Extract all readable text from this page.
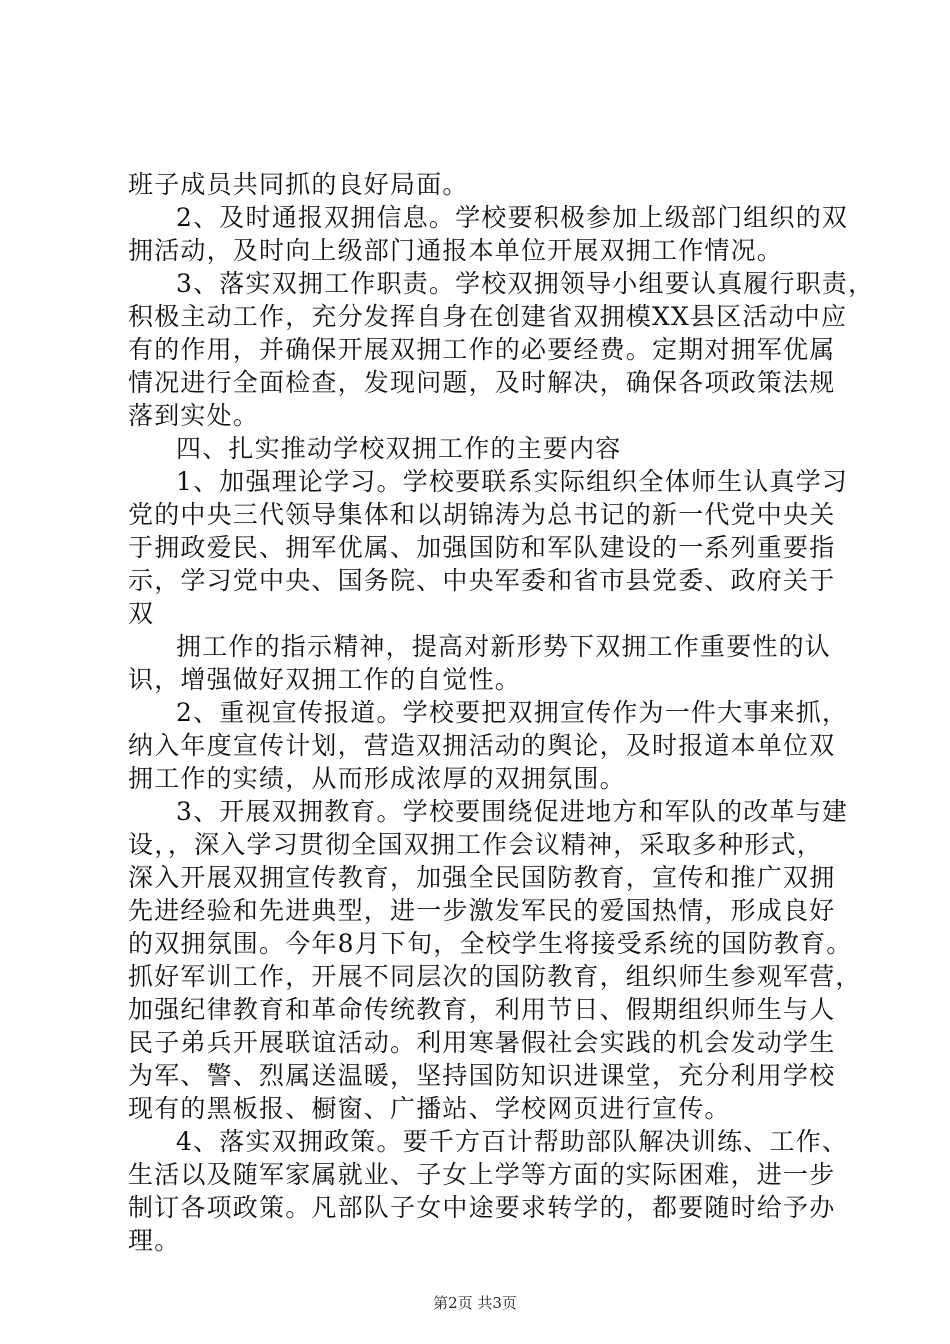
班子成员共同抓的良好局面。
2、及时通报双拥信息。学校要积极参加上级部门组织的双
拥活动，及时向上级部门通报本单位开展双拥工作情况。
3、落实双拥工作职责。学校双拥领导小组要认真履行职责，
积极主动工作，充分发挥自身在创建省双拥模XX县区活动中应
有的作用，并确保开展双拥工作的必要经费。定期对拥军优属
情况进行全面检查，发现问题，及时解决，确保各项政策法规
落到实处。
四、扎实推动学校双拥工作的主要内容
1、加强理论学习。学校要联系实际组织全体师生认真学习
党的中央三代领导集体和以胡锦涛为总书记的新一代党中央关
于拥政爱民、拥军优属、加强国防和军队建设的一系列重要指
示，学习党中央、国务院、中央军委和省市县党委、政府关于
双
拥工作的指示精神，提高对新形势下双拥工作重要性的认
识，增强做好双拥工作的自觉性。
2、重视宣传报道。学校要把双拥宣传作为一件大事来抓，
纳入年度宣传计划，营造双拥活动的舆论，及时报道本单位双
拥工作的实绩，从而形成浓厚的双拥氛围。
3、开展双拥教育。学校要围绕促进地方和军队的改革与建
设，，深入学习贯彻全国双拥工作会议精神，采取多种形式，
深入开展双拥宣传教育，加强全民国防教育，宣传和推广双拥
先进经验和先进典型，进一步激发军民的爱国热情，形成良好
的双拥氛围。今年8月下旬，全校学生将接受系统的国防教育。
抓好军训工作，开展不同层次的国防教育，组织师生参观军营，
加强纪律教育和革命传统教育，利用节日、假期组织师生与人
民子弟兵开展联谊活动。利用寒暑假社会实践的机会发动学生
为军、警、烈属送温暖，坚持国防知识进课堂，充分利用学校
现有的黑板报、橱窗、广播站、学校网页进行宣传。
4、落实双拥政策。要千方百计帮助部队解决训练、工作、
生活以及随军家属就业、子女上学等方面的实际困难，进一步
制订各项政策。凡部队子女中途要求转学的，都要随时给予办
理。
第2页 共3页
